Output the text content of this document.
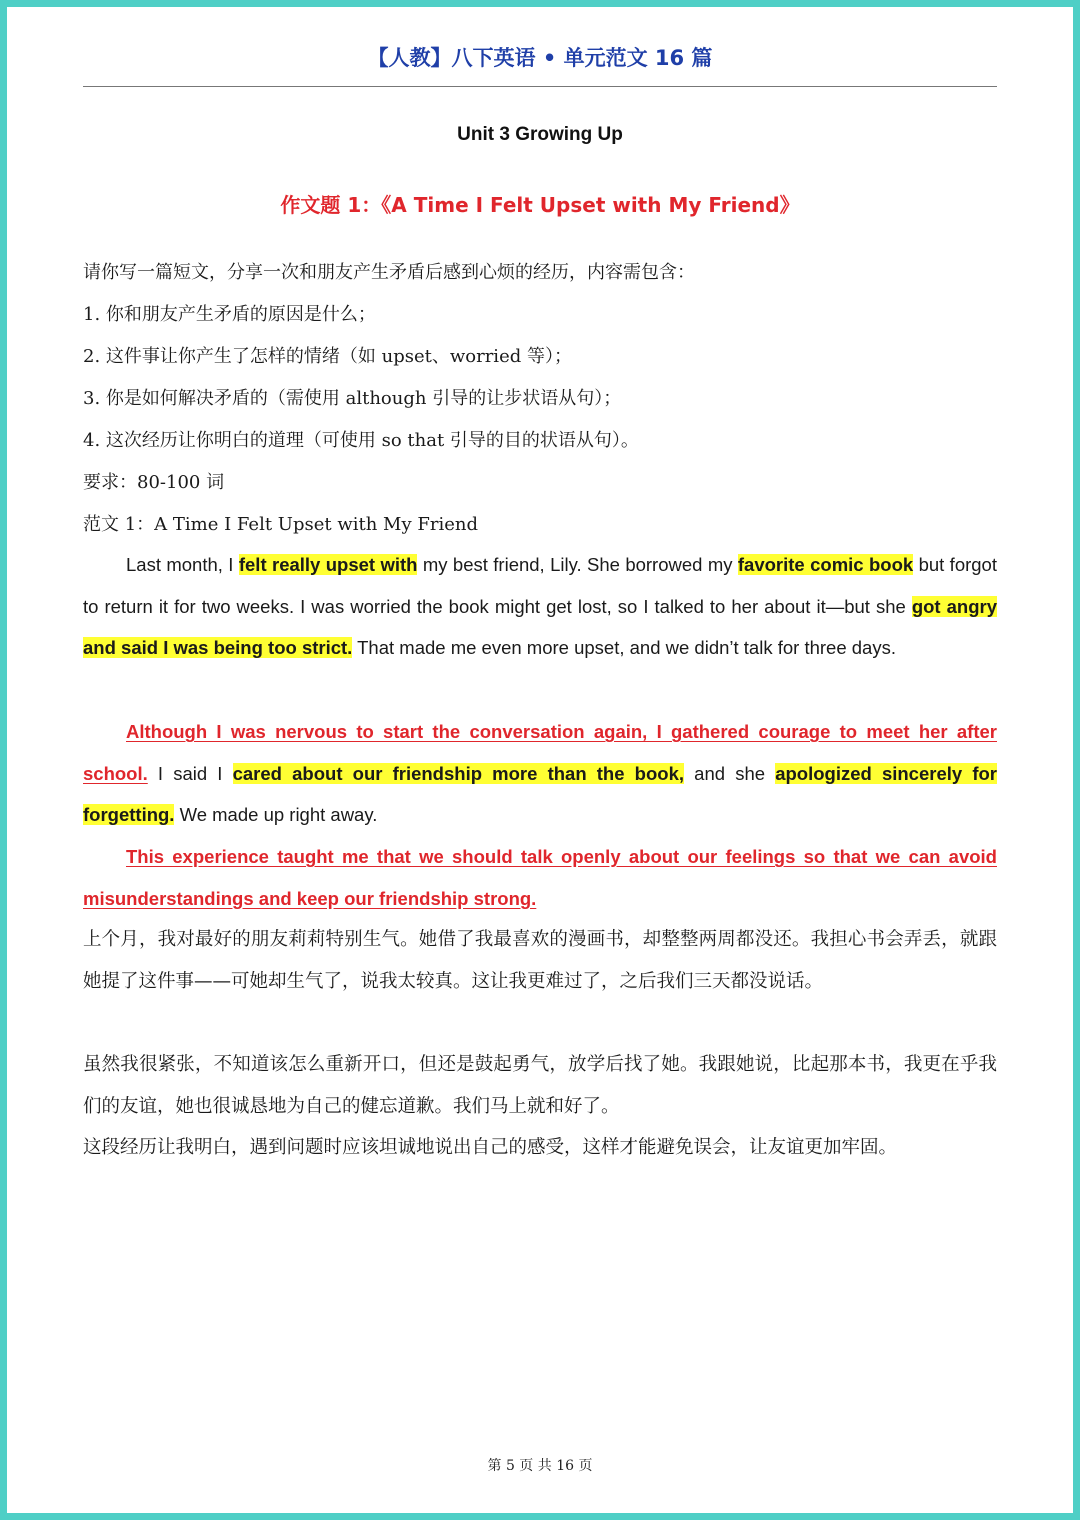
【人教】八下英语 • 单元范文 16 篇
Unit 3 Growing Up
作文题 1：《A Time I Felt Upset with My Friend》
请你写一篇短文，分享一次和朋友产生矛盾后感到心烦的经历，内容需包含：
1. 你和朋友产生矛盾的原因是什么；
2. 这件事让你产生了怎样的情绪（如 upset、worried 等）；
3. 你是如何解决矛盾的（需使用 although 引导的让步状语从句）；
4. 这次经历让你明白的道理（可使用 so that 引导的目的状语从句）。
要求：80-100 词
范文 1：A Time I Felt Upset with My Friend
Last month, I felt really upset with my best friend, Lily. She borrowed my favorite comic book but forgot to return it for two weeks. I was worried the book might get lost, so I talked to her about it—but she got angry and said I was being too strict. That made me even more upset, and we didn’t talk for three days.
Although I was nervous to start the conversation again, I gathered courage to meet her after school. I said I cared about our friendship more than the book, and she apologized sincerely for forgetting. We made up right away.
This experience taught me that we should talk openly about our feelings so that we can avoid misunderstandings and keep our friendship strong.
上个月，我对最好的朋友莉莉特别生气。她借了我最喜欢的漫画书，却整整两周都没还。我担心书会弄丢，就跟她提了这件事——可她却生气了，说我太较真。这让我更难过了，之后我们三天都没说话。
虽然我很紧张，不知道该怎么重新开口，但还是鼓起勇气，放学后找了她。我跟她说，比起那本书，我更在乎我们的友谊，她也很诚恳地为自己的健忘道歉。我们马上就和好了。
这段经历让我明白，遇到问题时应该坦诚地说出自己的感受，这样才能避免误会，让友谊更加牢固。
第 5 页 共 16 页
